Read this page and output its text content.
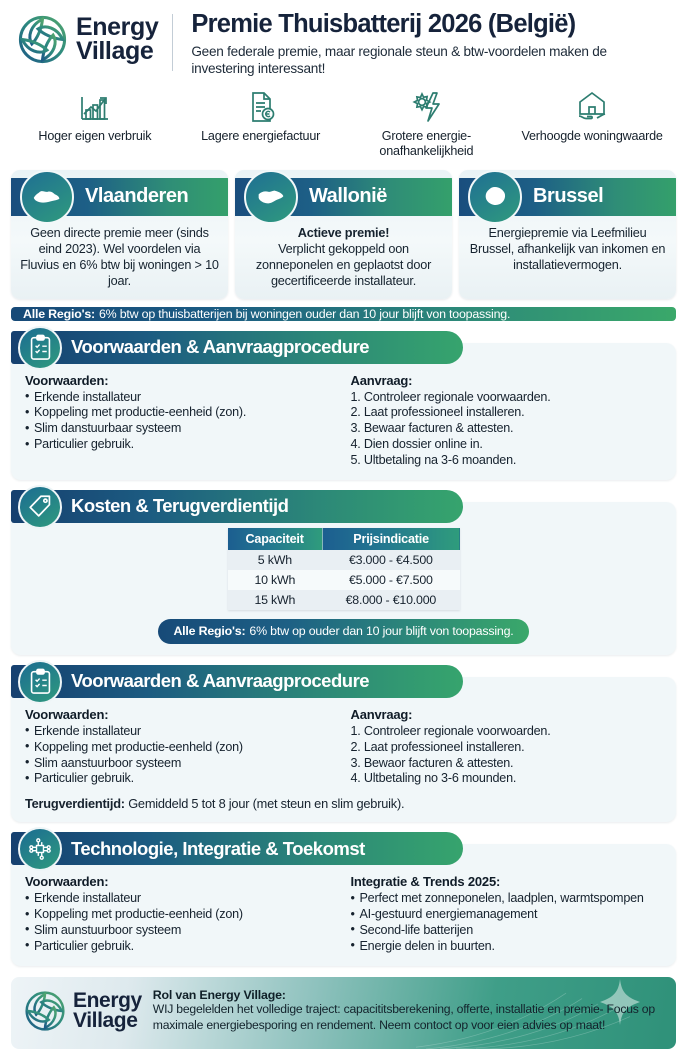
Energy
Village
Premie Thuisbatterij 2026 (België)
Geen federale premie, maar regionale steun & btw-voordelen maken de investering interessant!
Hoger eigen verbruik	Lagere energiefactuur	Grotere energie-onafhankelijkheid
Verhoogde woningwaarde
Vlaanderen
Geen directe premie meer (sinds eind 2023). Wel voordelen via Fluvius en 6% btw bij woningen > 10 joar.
Wallonië
Actieve premie!
Verplicht gekoppeld oon zonneponelen en geplaotst door gecertificeerde installateur.
Brussel
Energiepremie via Leefmilieu Brussel, afhankelijk van inkomen en installatievermogen.
Alle Regio's: 6% btw op thuisbatterijen bij woningen ouder dan 10 jour blijft von toopassing.
Voorwaarden & Aanvraagprocedure
Voorwaarden:
• Erkende installateur
• Koppeling met productie-eenheid (zon).
• Slim danstuurbaar systeem
• Particulier gebruik.
Aanvraag:
1. Controleer regionale voorwaarden.
2. Laat professioneel installeren.
3. Bewaar facturen & attesten.
4. Dien dossier online in.
5. Ultbetaling na 3-6 moanden.
Kosten & Terugverdientijd
Capaciteit	Prijsindicatie
5 kWh	€3.000 - €4.500
10 kWh	€5.000 - €7.500
15 kWh	€8.000 - €10.000
Alle Regio's: 6% btw op ouder dan 10 jour blijft von toopassing.
Voorwaarden & Aanvraagprocedure
Voorwaarden:
• Erkende installateur
• Koppeling met productie-eenheld (zon)
• Slim aanstuurboor systeem
• Particulier gebruik.
Aanvraag:
1. Controleer regionale voorwoarden.
2. Laat professioneel installeren.
3. Bewaor facturen & attesten.
4. Ultbetaling no 3-6 mounden.
Terugverdientijd: Gemiddeld 5 tot 8 jour (met steun en slim gebruik).
Technologie, Integratie & Toekomst
Voorwaarden:
• Erkende installateur
• Koppeling met productie-eenheid (zon)
• Slim aunstuurboor systeem
• Particulier gebruik.
Integratie & Trends 2025:
• Perfect met zonneponelen, laadplen, warmtspompen
• AI-gestuurd energiemanagement
• Second-life batterijen
• Energie delen in buurten.
Energy
Village
Rol van Energy Village:
WIJ begelelden het volledige traject: capacititsberekening, offerte, installatie en premie- Focus op maximale energiebesporing en rendement. Neem contoct op voor eien advies op maat!
